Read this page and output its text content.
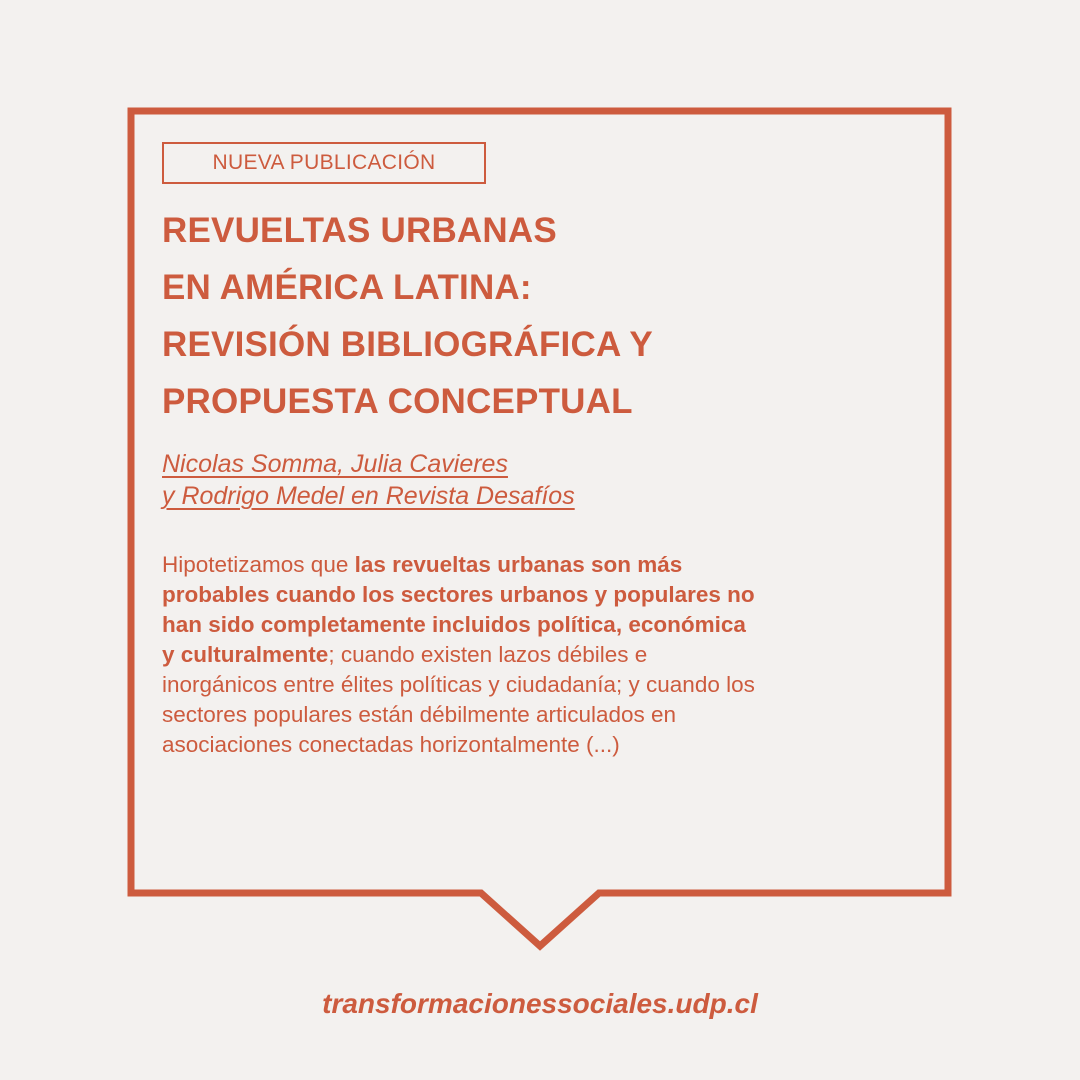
NUEVA PUBLICACIÓN
REVUELTAS URBANAS
EN AMÉRICA LATINA:
REVISIÓN BIBLIOGRÁFICA Y
PROPUESTA CONCEPTUAL
Nicolas Somma, Julia Cavieres
y Rodrigo Medel en Revista Desafíos

Hipotetizamos que las revueltas urbanas son más probables cuando los sectores urbanos y populares no han sido completamente incluidos política, económica y culturalmente; cuando existen lazos débiles e inorgánicos entre élites políticas y ciudadanía; y cuando los sectores populares están débilmente articulados en asociaciones conectadas horizontalmente (...)

transformacionessociales.udp.cl
